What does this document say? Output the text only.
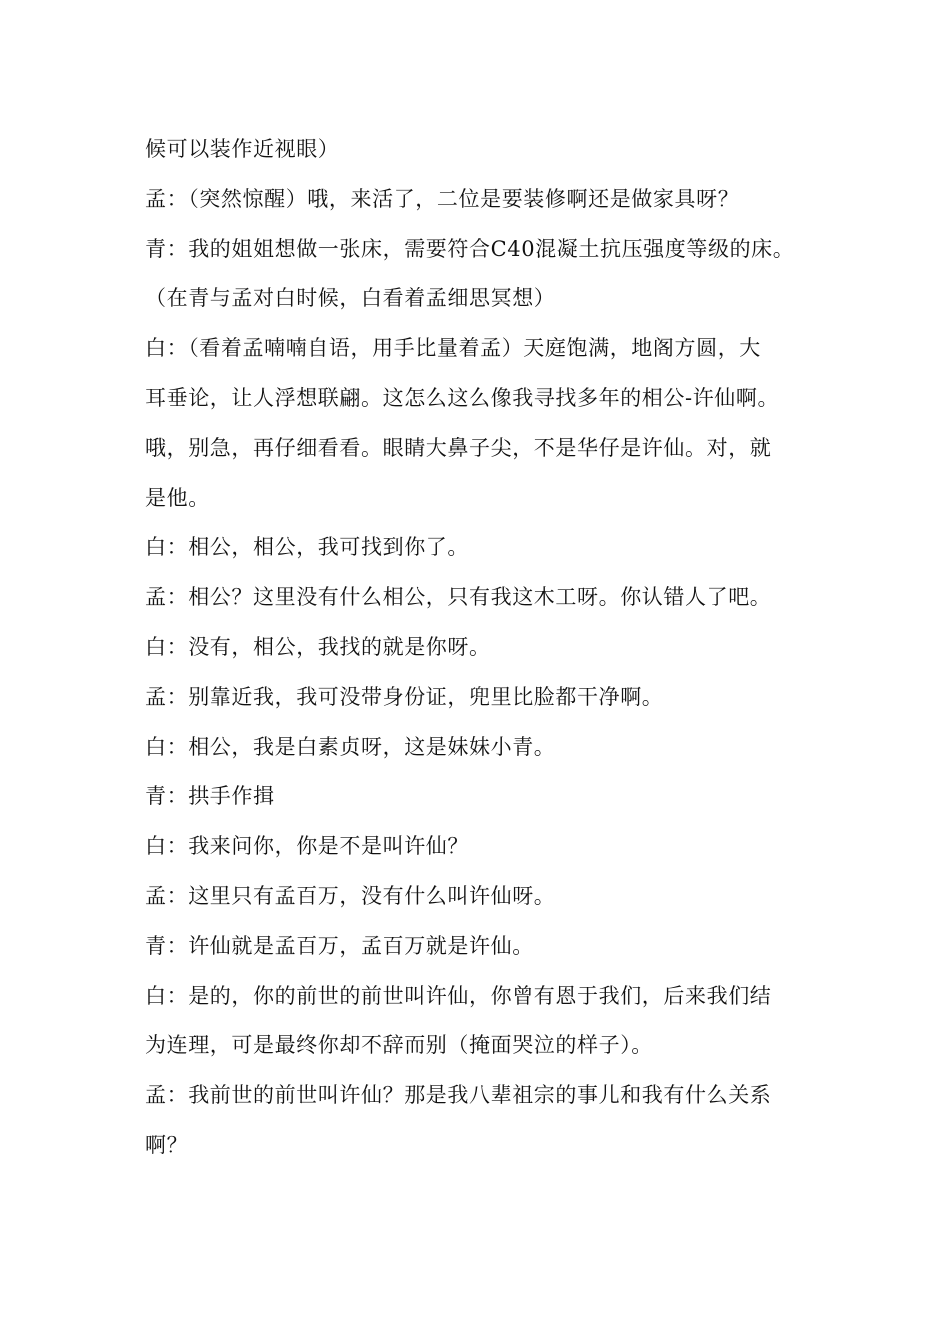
候可以装作近视眼）
孟：（突然惊醒）哦，来活了，二位是要装修啊还是做家具呀？
青：我的姐姐想做一张床，需要符合C40混凝土抗压强度等级的床。
（在青与孟对白时候，白看着孟细思冥想）
白：（看着孟喃喃自语，用手比量着孟）天庭饱满，地阁方圆，大
耳垂论，让人浮想联翩。这怎么这么像我寻找多年的相公-许仙啊。
哦，别急，再仔细看看。眼睛大鼻子尖，不是华仔是许仙。对，就
是他。
白：相公，相公，我可找到你了。
孟：相公？这里没有什么相公，只有我这木工呀。你认错人了吧。
白：没有，相公，我找的就是你呀。
孟：别靠近我，我可没带身份证，兜里比脸都干净啊。
白：相公，我是白素贞呀，这是妹妹小青。
青：拱手作揖
白：我来问你，你是不是叫许仙？
孟：这里只有孟百万，没有什么叫许仙呀。
青：许仙就是孟百万，孟百万就是许仙。
白：是的，你的前世的前世叫许仙，你曾有恩于我们，后来我们结
为连理，可是最终你却不辞而别（掩面哭泣的样子）。
孟：我前世的前世叫许仙？那是我八辈祖宗的事儿和我有什么关系
啊？
